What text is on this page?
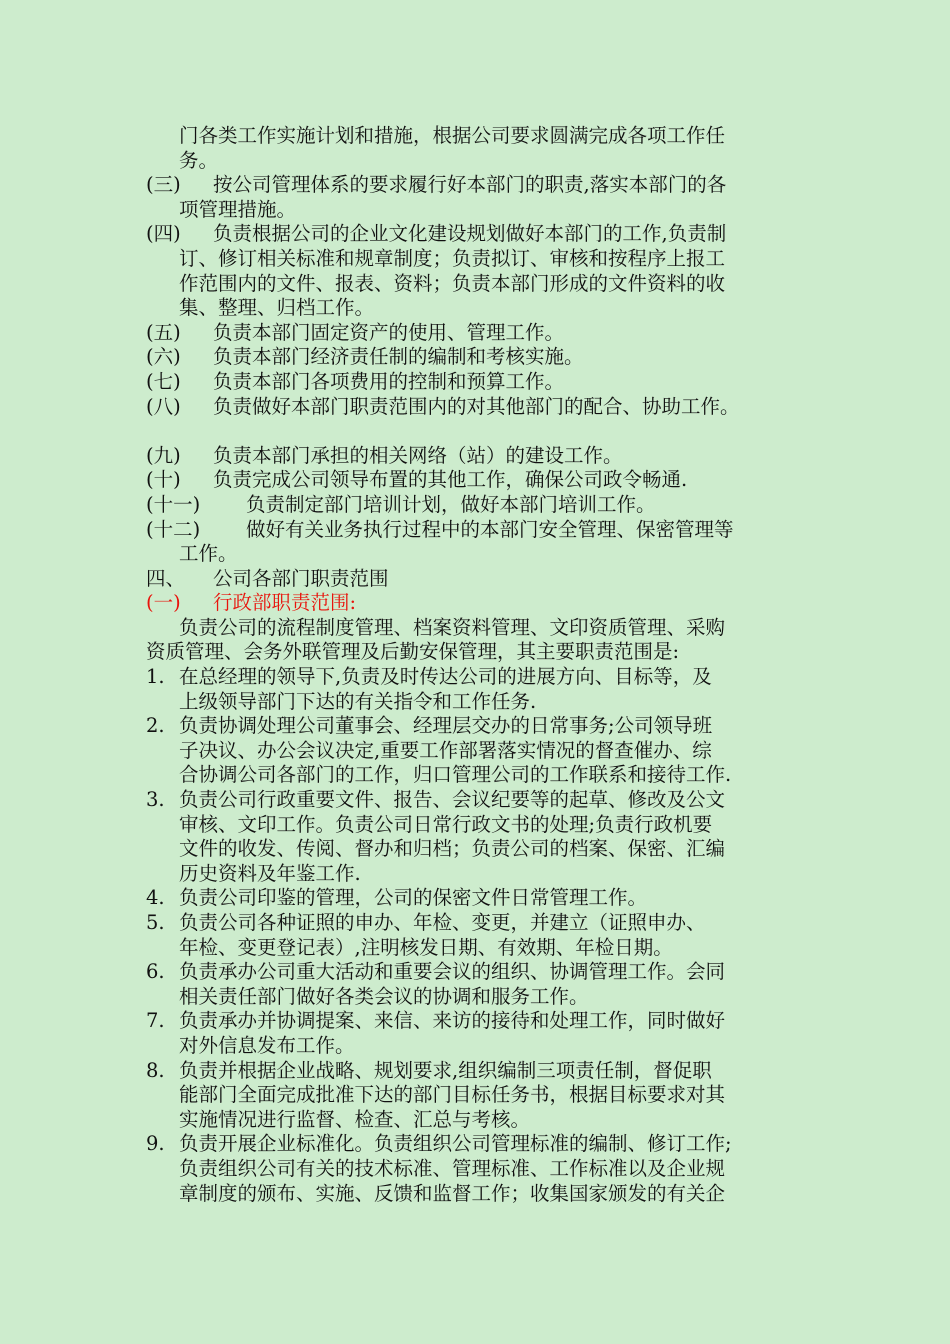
门各类工作实施计划和措施，根据公司要求圆满完成各项工作任
务。
(三)	按公司管理体系的要求履行好本部门的职责,落实本部门的各
项管理措施。
(四)	负责根据公司的企业文化建设规划做好本部门的工作,负责制
订、修订相关标准和规章制度；负责拟订、审核和按程序上报工
作范围内的文件、报表、资料；负责本部门形成的文件资料的收
集、整理、归档工作。
(五)	负责本部门固定资产的使用、管理工作。
(六)	负责本部门经济责任制的编制和考核实施。
(七)	负责本部门各项费用的控制和预算工作。
(八)	负责做好本部门职责范围内的对其他部门的配合、协助工作。
(九)	负责本部门承担的相关网络（站）的建设工作。
(十)	负责完成公司领导布置的其他工作，确保公司政令畅通.
(十一)	负责制定部门培训计划，做好本部门培训工作。
(十二)	做好有关业务执行过程中的本部门安全管理、保密管理等
工作。
四、	公司各部门职责范围
(一)	行政部职责范围:
负责公司的流程制度管理、档案资料管理、文印资质管理、采购
资质管理、会务外联管理及后勤安保管理，其主要职责范围是:
1. 在总经理的领导下,负责及时传达公司的进展方向、目标等，及
上级领导部门下达的有关指令和工作任务.
2. 负责协调处理公司董事会、经理层交办的日常事务;公司领导班
子决议、办公会议决定,重要工作部署落实情况的督查催办、综
合协调公司各部门的工作，归口管理公司的工作联系和接待工作.
3. 负责公司行政重要文件、报告、会议纪要等的起草、修改及公文
审核、文印工作。负责公司日常行政文书的处理;负责行政机要
文件的收发、传阅、督办和归档；负责公司的档案、保密、汇编
历史资料及年鉴工作.
4. 负责公司印鉴的管理，公司的保密文件日常管理工作。
5. 负责公司各种证照的申办、年检、变更，并建立（证照申办、
年检、变更登记表）,注明核发日期、有效期、年检日期。
6. 负责承办公司重大活动和重要会议的组织、协调管理工作。会同
相关责任部门做好各类会议的协调和服务工作。
7. 负责承办并协调提案、来信、来访的接待和处理工作，同时做好
对外信息发布工作。
8. 负责并根据企业战略、规划要求,组织编制三项责任制，督促职
能部门全面完成批准下达的部门目标任务书，根据目标要求对其
实施情况进行监督、检查、汇总与考核。
9. 负责开展企业标准化。负责组织公司管理标准的编制、修订工作;
负责组织公司有关的技术标准、管理标准、工作标准以及企业规
章制度的颁布、实施、反馈和监督工作；收集国家颁发的有关企
